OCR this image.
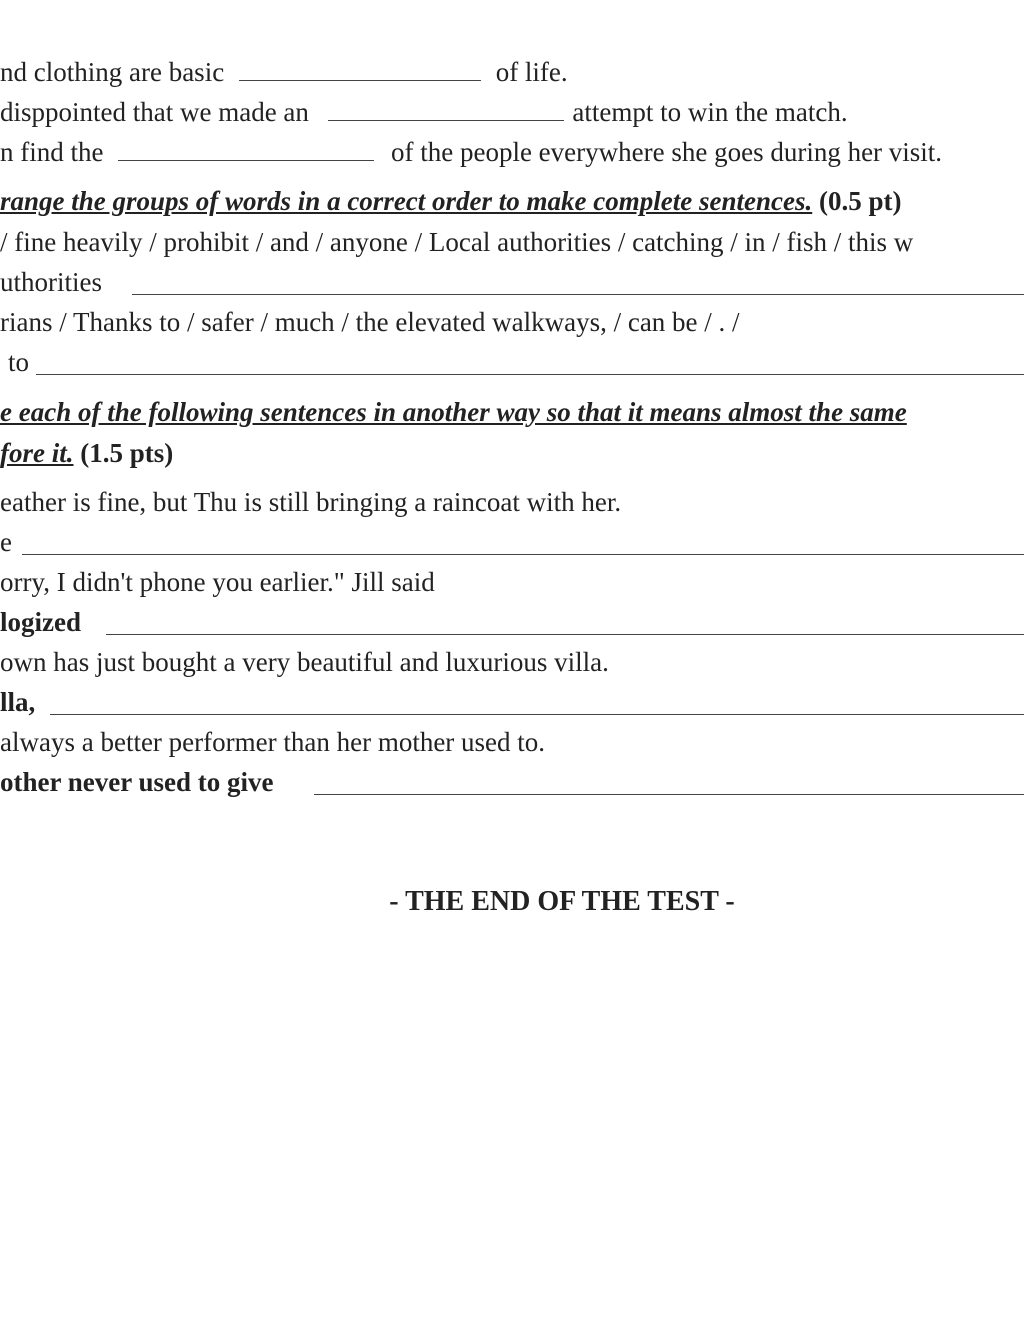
nd clothing are basic	of life.
disppointed that we made an	attempt to win the match.
n find the	of the people everywhere she goes during her visit.
range the groups of words in a correct order to make complete sentences. (0.5 pt)
/ fine heavily / prohibit / and / anyone / Local authorities / catching / in / fish / this w
uthorities
rians / Thanks to / safer / much / the elevated walkways, / can be / . /
to
e each of the following sentences in another way so that it means almost the same
fore it. (1.5 pts)
eather is fine, but Thu is still bringing a raincoat with her.
e
orry, I didn't phone you earlier." Jill said
logized
own has just bought a very beautiful and luxurious villa.
lla,
always a better performer than her mother used to.
other never used to give
- THE END OF THE TEST -
